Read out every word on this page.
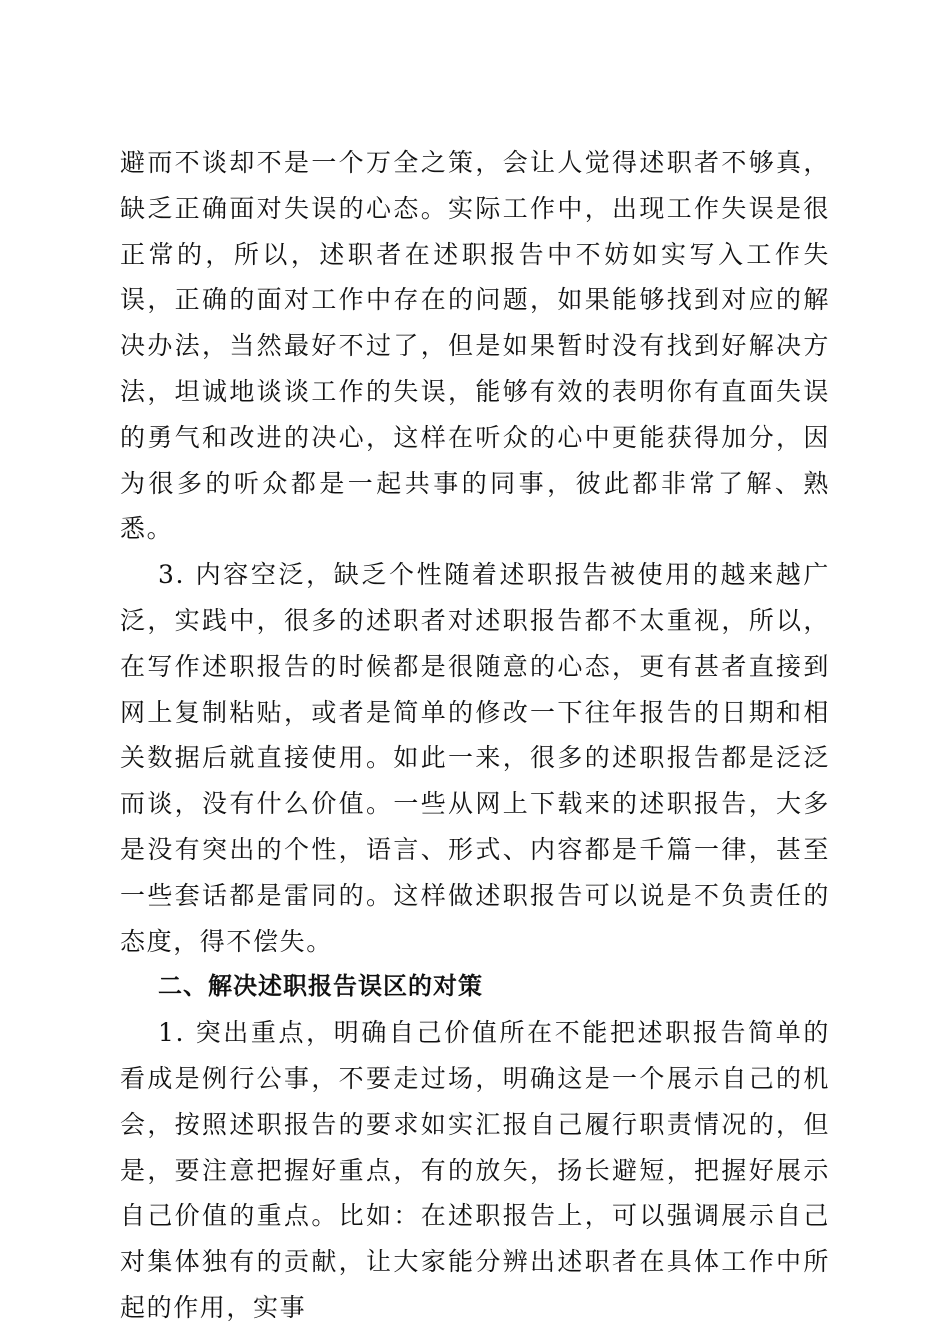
避而不谈却不是一个万全之策，会让人觉得述职者不够真，缺乏正确面对失误的心态。实际工作中，出现工作失误是很正常的，所以，述职者在述职报告中不妨如实写入工作失误，正确的面对工作中存在的问题，如果能够找到对应的解决办法，当然最好不过了，但是如果暂时没有找到好解决方法，坦诚地谈谈工作的失误，能够有效的表明你有直面失误的勇气和改进的决心，这样在听众的心中更能获得加分，因为很多的听众都是一起共事的同事，彼此都非常了解、熟悉。

3. 内容空泛，缺乏个性随着述职报告被使用的越来越广泛，实践中，很多的述职者对述职报告都不太重视，所以，在写作述职报告的时候都是很随意的心态，更有甚者直接到网上复制粘贴，或者是简单的修改一下往年报告的日期和相关数据后就直接使用。如此一来，很多的述职报告都是泛泛而谈，没有什么价值。一些从网上下载来的述职报告，大多是没有突出的个性，语言、形式、内容都是千篇一律，甚至一些套话都是雷同的。这样做述职报告可以说是不负责任的态度，得不偿失。

二、解决述职报告误区的对策

1. 突出重点，明确自己价值所在不能把述职报告简单的看成是例行公事，不要走过场，明确这是一个展示自己的机会，按照述职报告的要求如实汇报自己履行职责情况的，但是，要注意把握好重点，有的放矢，扬长避短，把握好展示自己价值的重点。比如：在述职报告上，可以强调展示自己对集体独有的贡献，让大家能分辨出述职者在具体工作中所起的作用，实事
